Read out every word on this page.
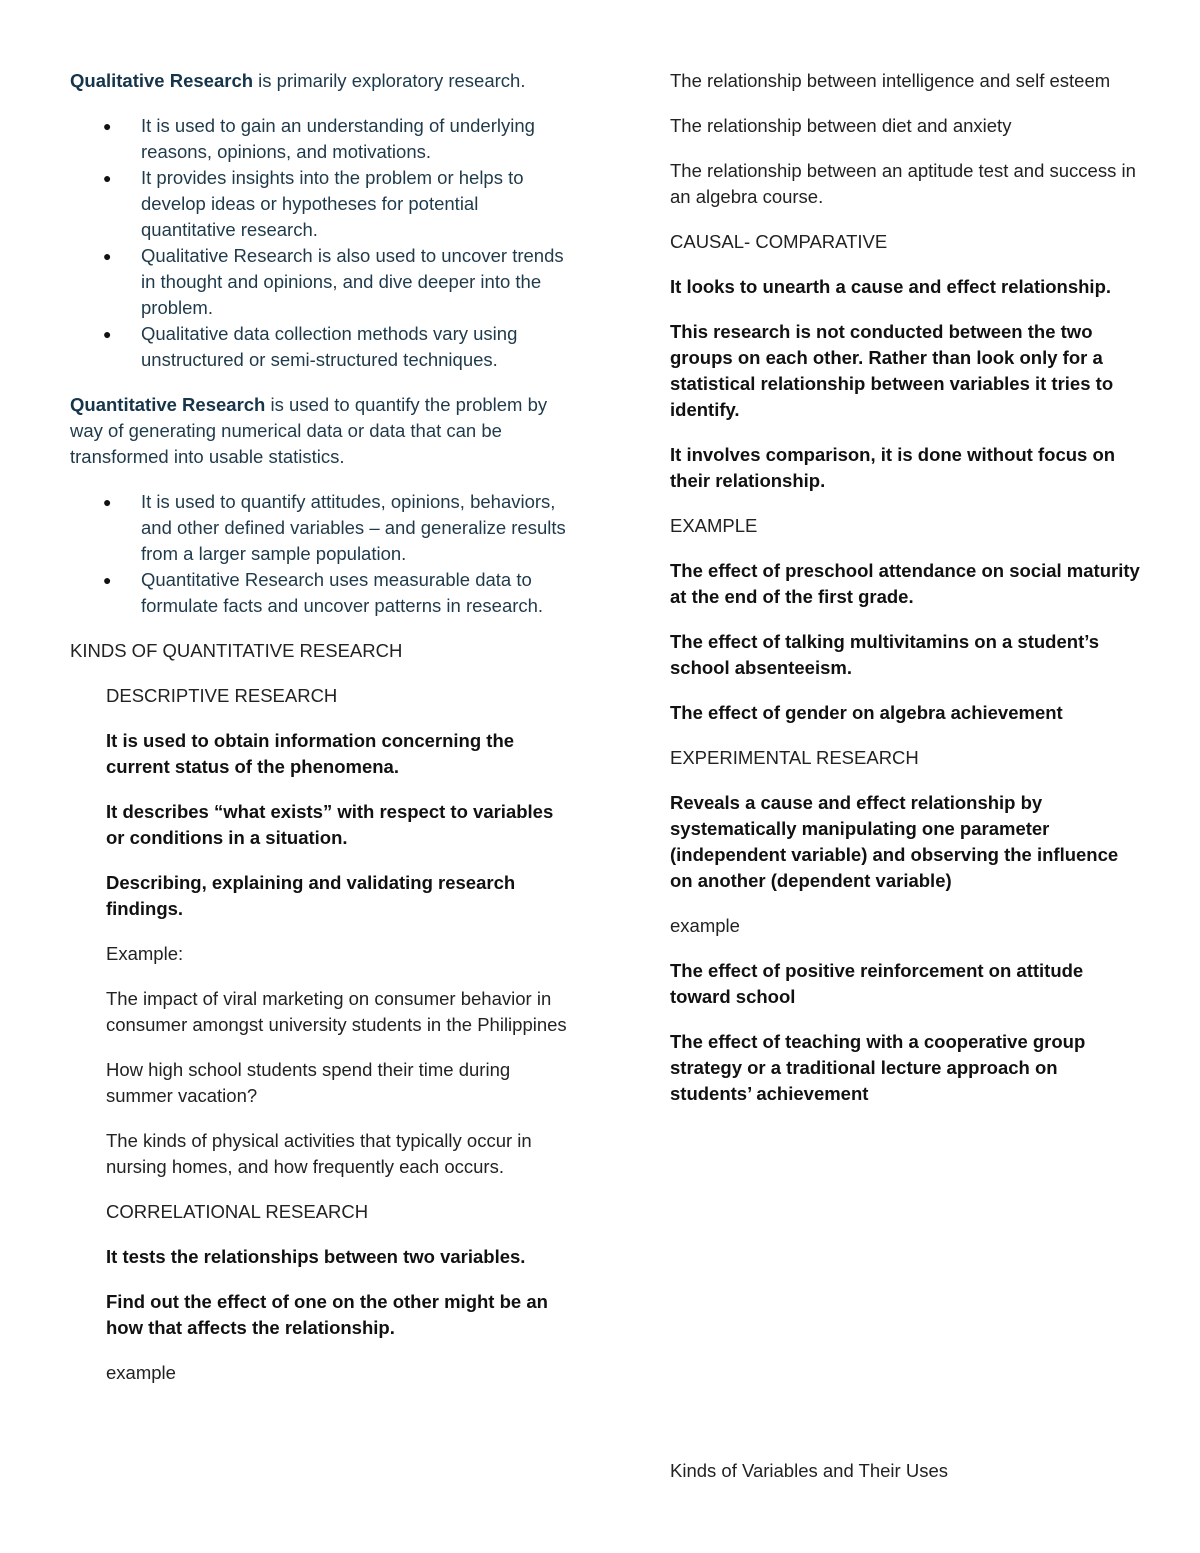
Qualitative Research is primarily exploratory research.

● It is used to gain an understanding of underlying reasons, opinions, and motivations.
● It provides insights into the problem or helps to develop ideas or hypotheses for potential quantitative research.
● Qualitative Research is also used to uncover trends in thought and opinions, and dive deeper into the problem.
● Qualitative data collection methods vary using unstructured or semi-structured techniques.

Quantitative Research is used to quantify the problem by way of generating numerical data or data that can be transformed into usable statistics.

● It is used to quantify attitudes, opinions, behaviors, and other defined variables – and generalize results from a larger sample population.
● Quantitative Research uses measurable data to formulate facts and uncover patterns in research.

KINDS OF QUANTITATIVE RESEARCH

DESCRIPTIVE RESEARCH

It is used to obtain information concerning the current status of the phenomena.

It describes “what exists” with respect to variables or conditions in a situation.

Describing, explaining and validating research findings.

Example:

The impact of viral marketing on consumer behavior in consumer amongst university students in the Philippines

How high school students spend their time during summer vacation?

The kinds of physical activities that typically occur in nursing homes, and how frequently each occurs.

CORRELATIONAL RESEARCH

It tests the relationships between two variables.

Find out the effect of one on the other might be an how that affects the relationship.

example

The relationship between intelligence and self esteem

The relationship between diet and anxiety

The relationship between an aptitude test and success in an algebra course.

CAUSAL- COMPARATIVE

It looks to unearth a cause and effect relationship.

This research is not conducted between the two groups on each other. Rather than look only for a statistical relationship between variables it tries to identify.

It involves comparison, it is done without focus on their relationship.

EXAMPLE

The effect of preschool attendance on social maturity at the end of the first grade.

The effect of talking multivitamins on a student’s school absenteeism.

The effect of gender on algebra achievement

EXPERIMENTAL RESEARCH

Reveals a cause and effect relationship by systematically manipulating one parameter (independent variable) and observing the influence on another (dependent variable)

example

The effect of positive reinforcement on attitude toward school

The effect of teaching with a cooperative group strategy or a traditional lecture approach on students’ achievement

Kinds of Variables and Their Uses
